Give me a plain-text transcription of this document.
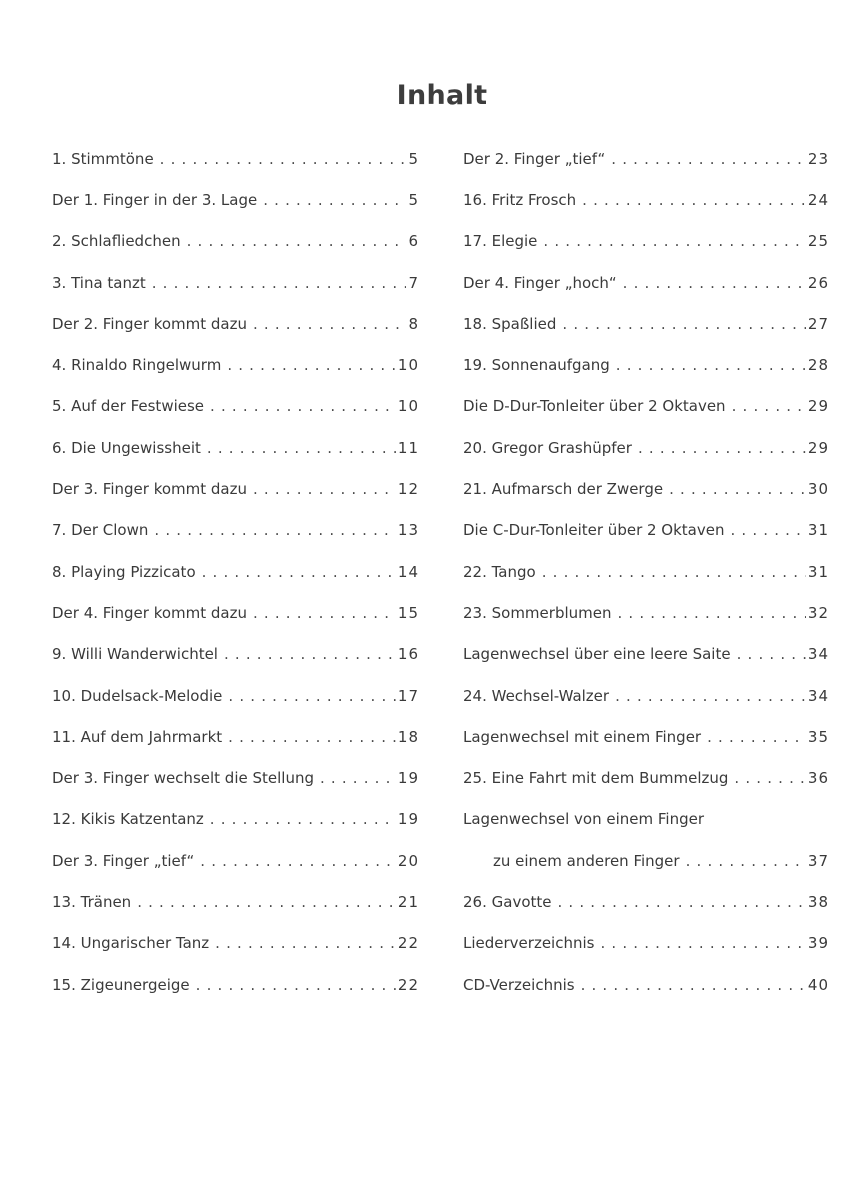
Inhalt
1. Stimmtöne . . .	5
Der 1. Finger in der 3. Lage . . .	5
2. Schlafliedchen . . .	6
3. Tina tanzt . . .	7
Der 2. Finger kommt dazu . . .	8
4. Rinaldo Ringelwurm . . .	10
5. Auf der Festwiese . . .	10
6. Die Ungewissheit . . .	11
Der 3. Finger kommt dazu . . .	12
7. Der Clown . . .	13
8. Playing Pizzicato . . .	14
Der 4. Finger kommt dazu . . .	15
9. Willi Wanderwichtel . . .	16
10. Dudelsack-Melodie . . .	17
11. Auf dem Jahrmarkt . . .	18
Der 3. Finger wechselt die Stellung . . .	19
12. Kikis Katzentanz . . .	19
Der 3. Finger „tief“ . . .	20
13. Tränen . . .	21
14. Ungarischer Tanz . . .	22
15. Zigeunergeige . . .	22
Der 2. Finger „tief“ . . .	23
16. Fritz Frosch . . .	24
17. Elegie . . .	25
Der 4. Finger „hoch“ . . .	26
18. Spaßlied . . .	27
19. Sonnenaufgang . . .	28
Die D-Dur-Tonleiter über 2 Oktaven . . .	29
20. Gregor Grashüpfer . . .	29
21. Aufmarsch der Zwerge . . .	30
Die C-Dur-Tonleiter über 2 Oktaven . . .	31
22. Tango . . .	31
23. Sommerblumen . . .	32
Lagenwechsel über eine leere Saite . . .	34
24. Wechsel-Walzer . . .	34
Lagenwechsel mit einem Finger . . .	35
25. Eine Fahrt mit dem Bummelzug . . .	36
Lagenwechsel von einem Finger
zu einem anderen Finger . . .	37
26. Gavotte . . .	38
Liederverzeichnis . . .	39
CD-Verzeichnis . . .	40
